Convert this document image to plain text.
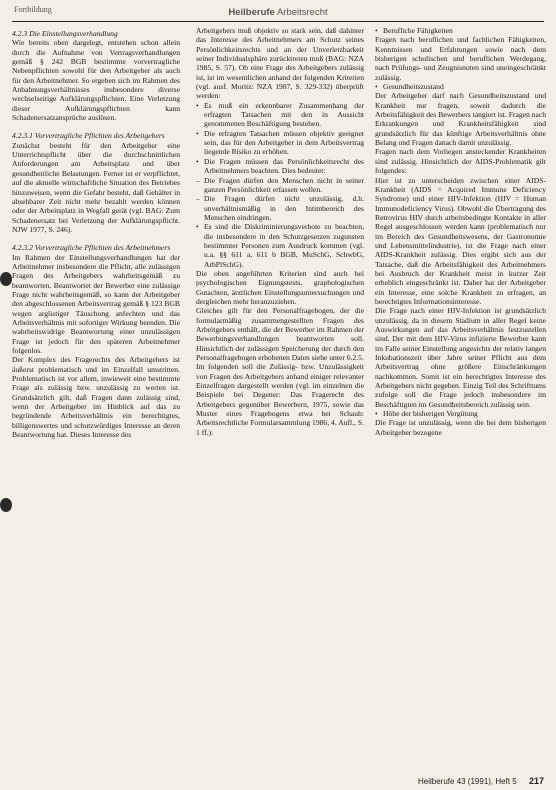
Fortbildung	Heilberufe Arbeitsrecht

4.2.3 Die Einstellungsverhandlung

Wie bereits oben dargelegt, entstehen schon allein durch die Aufnahme von Vertragsverhandlungen gemäß § 242 BGB bestimmte vorvertragliche Nebenpflichten sowohl für den Arbeitgeber als auch für den Arbeitnehmer. So ergeben sich im Rahmen des Anbahnungsverhältnisses insbesondere diverse wechselseitige Aufklärungspflichten. Eine Verletzung dieser Aufklärungspflichten kann Schadenersatzansprüche auslösen.

4.2.3.1 Vorvertragliche Pflichten des Arbeitgebers

Zunächst besteht für den Arbeitgeber eine Unterrichtspflicht über die durchschnittlichen Anforderungen am Arbeitsplatz und über gesundheitliche Belastungen. Ferner ist er verpflichtet, auf die aktuelle wirtschaftliche Situation des Betriebes hinzuweisen, wenn die Gefahr besteht, daß Gehälter in absehbarer Zeit nicht mehr bezahlt werden können oder der Arbeitsplatz in Wegfall gerät (vgl. BAG: Zum Schadenersatz bei Verletzung der Aufklärungspflicht. NJW 1977, S. 246).

4.2.3.2 Vorvertragliche Pflichten des Arbeitnehmers

Im Rahmen der Einstellungsverhandlungen hat der Arbeitnehmer insbesondere die Pflicht, alle zulässigen Fragen des Arbeitgebers wahrheitsgemäß zu beantworten. Beantwortet der Bewerber eine zulässige Frage nicht wahrheitsgemäß, so kann der Arbeitgeber den abgeschlossenen Arbeitsvertrag gemäß § 123 BGB wegen arglistiger Täuschung anfechten und das Arbeitsverhältnis mit sofortiger Wirkung beenden. Die wahrheitswidrige Beantwortung einer unzulässigen Frage ist jedoch für den späteren Arbeitnehmer folgenlos.

Der Komplex des Fragerechts des Arbeitgebers ist äußerst problematisch und im Einzelfall umstritten. Problematisch ist vor allem, inwieweit eine bestimmte Frage als zulässig bzw. unzulässig zu werten ist. Grundsätzlich gilt, daß Fragen dann zulässig sind, wenn der Arbeitgeber im Hinblick auf das zu begründende Arbeitsverhältnis ein berechtigtes, billigenswertes und schutzwürdiges Interesse an deren Beantwortung hat. Dieses Interesse des

Arbeitgebers muß objektiv so stark sein, daß dahinter das Interesse des Arbeitnehmers am Schutz seines Persönlichkeitsrechts und an der Unverletzbarkeit seiner Individualsphäre zurücktreten muß (BAG: NZA 1985, S. 57). Ob eine Frage des Arbeitgebers zulässig ist, ist im wesentlichen anhand der folgenden Kriterien (vgl. ausf. Moritz: NZA 1987, S. 329-332) überprüft werden:

• Es muß ein erkennbarer Zusammenhang der erfragten Tatsachen mit den in Aussicht genommenen Beschäftigung bestehen.
• Die erfragten Tatsachen müssen objektiv geeignet sein, das für den Arbeitgeber in dem Arbeitsvertrag liegende Risiko zu erhöhen.
• Die Fragen müssen das Persönlichkeitsrecht des Arbeitnehmers beachten. Dies bedeutet:
– Die Fragen dürfen den Menschen nicht in seiner ganzen Persönlichkeit erfassen wollen.
– Die Fragen dürfen nicht unzulässig, d.h. unverhältnismäßig in den Intimbereich des Menschen eindringen.
• Es sind die Diskriminierungsverbote zu beachten, die insbesondere in den Schutzgesetzen zugunsten bestimmter Personen zum Ausdruck kommen (vgl. u.a. §§ 611 a, 611 b BGB, MuSchG, SchwbG, ArbPlSchG).

Die oben angeführten Kriterien sind auch bei psychologischen Eignungstests, graphologischen Gutachten, ärztlichen Einstellungsuntersuchungen und dergleichen mehr heranzuziehen.

Gleiches gilt für den Personalfragebogen, der die formularmäßig zusammengestellten Fragen des Arbeitgebers enthält, die der Bewerber im Rahmen der Bewerbungsverhandlungen beantworten soll. Hinsichtlich der zulässigen Speicherung der durch den Personalfragebogen erhobenen Daten siehe unter 6.2.5.

Im folgenden soll die Zulässig- bzw. Unzulässigkeit von Fragen des Arbeitgebers anhand einiger relevanter Einzelfragen dargestellt werden (vgl. im einzelnen die Beispiele bei Degener: Das Fragerecht des Arbeitgebers gegenüber Bewerbern, 1975, sowie das Muster eines Fragebogens etwa bei Schaub: Arbeitsrechtliche Formularsammlung 1986, 4. Aufl., S. 1 ff.):

• Berufliche Fähigkeiten

Fragen nach beruflichen und fachlichen Fähigkeiten, Kenntnissen und Erfahrungen sowie nach dem bisherigen schulischen und beruflichen Werdegang, nach Prüfungs- und Zeugnisnoten sind uneingeschränkt zulässig.

• Gesundheitszustand

Der Arbeitgeber darf nach Gesundheitszustand und Krankheit nur fragen, soweit dadurch die Arbeitsfähigkeit des Bewerbers tangiert ist. Fragen nach Erkrankungen und Krankheitsfähigkeit sind grundsätzlich für das künftige Arbeitsverhältnis ohne Belang und Fragen danach damit unzulässig.

Fragen nach dem Vorliegen ansteckender Krankheiten sind zulässig. Hinsichtlich der AIDS-Problematik gilt folgendes:

Hier ist zu unterscheiden zwischen einer AIDS-Krankheit (AIDS = Acquired Immune Deficiency Syndrome) und einer HIV-Infektion (HIV = Human Immunodeficiency Virus). Obwohl die Übertragung des Retrovirus HIV durch arbeitsbedingte Kontakte in aller Regel ausgeschlossen werden kann (problematisch nur im Bereich des Gesundheitswesens, der Gastronomie und Lebensmittelindustrie), ist die Frage nach einer AIDS-Krankheit zulässig. Dies ergibt sich aus der Tatsache, daß die Arbeitsfähigkeit des Arbeitnehmers bei Ausbruch der Krankheit meist in kurzer Zeit erheblich eingeschränkt ist. Daher hat der Arbeitgeber ein Interesse, eine solche Krankheit zu erfragen, an berechtigtes Informationsinteresse.

Die Frage nach einer HIV-Infektion ist grundsätzlich unzulässig, da in diesem Stadium in aller Regel keine Auswirkungen auf das Arbeitsverhältnis festzustellen sind. Der mit dem HIV-Virus infizierte Bewerber kann im Falle seiner Einstellung angesichts der relativ langen Inkubationszeit über Jahre seiner Pflicht aus dem Arbeitsvertrag ohne größere Einschränkungen nachkommen. Somit ist ein berechtigtes Interesse des Arbeitgebers nicht gegeben. Einzig Teil des Schrifttums zufolge soll die Frage jedoch insbesondere im Beschäftigten im Gesundheitsbereich zulässig sein.

• Höhe der bisherigen Vergütung

Die Frage ist unzulässig, wenn die bei dem bisherigen Arbeitgeber bezogene

Heilberufe 43 (1991), Heft 5 217
